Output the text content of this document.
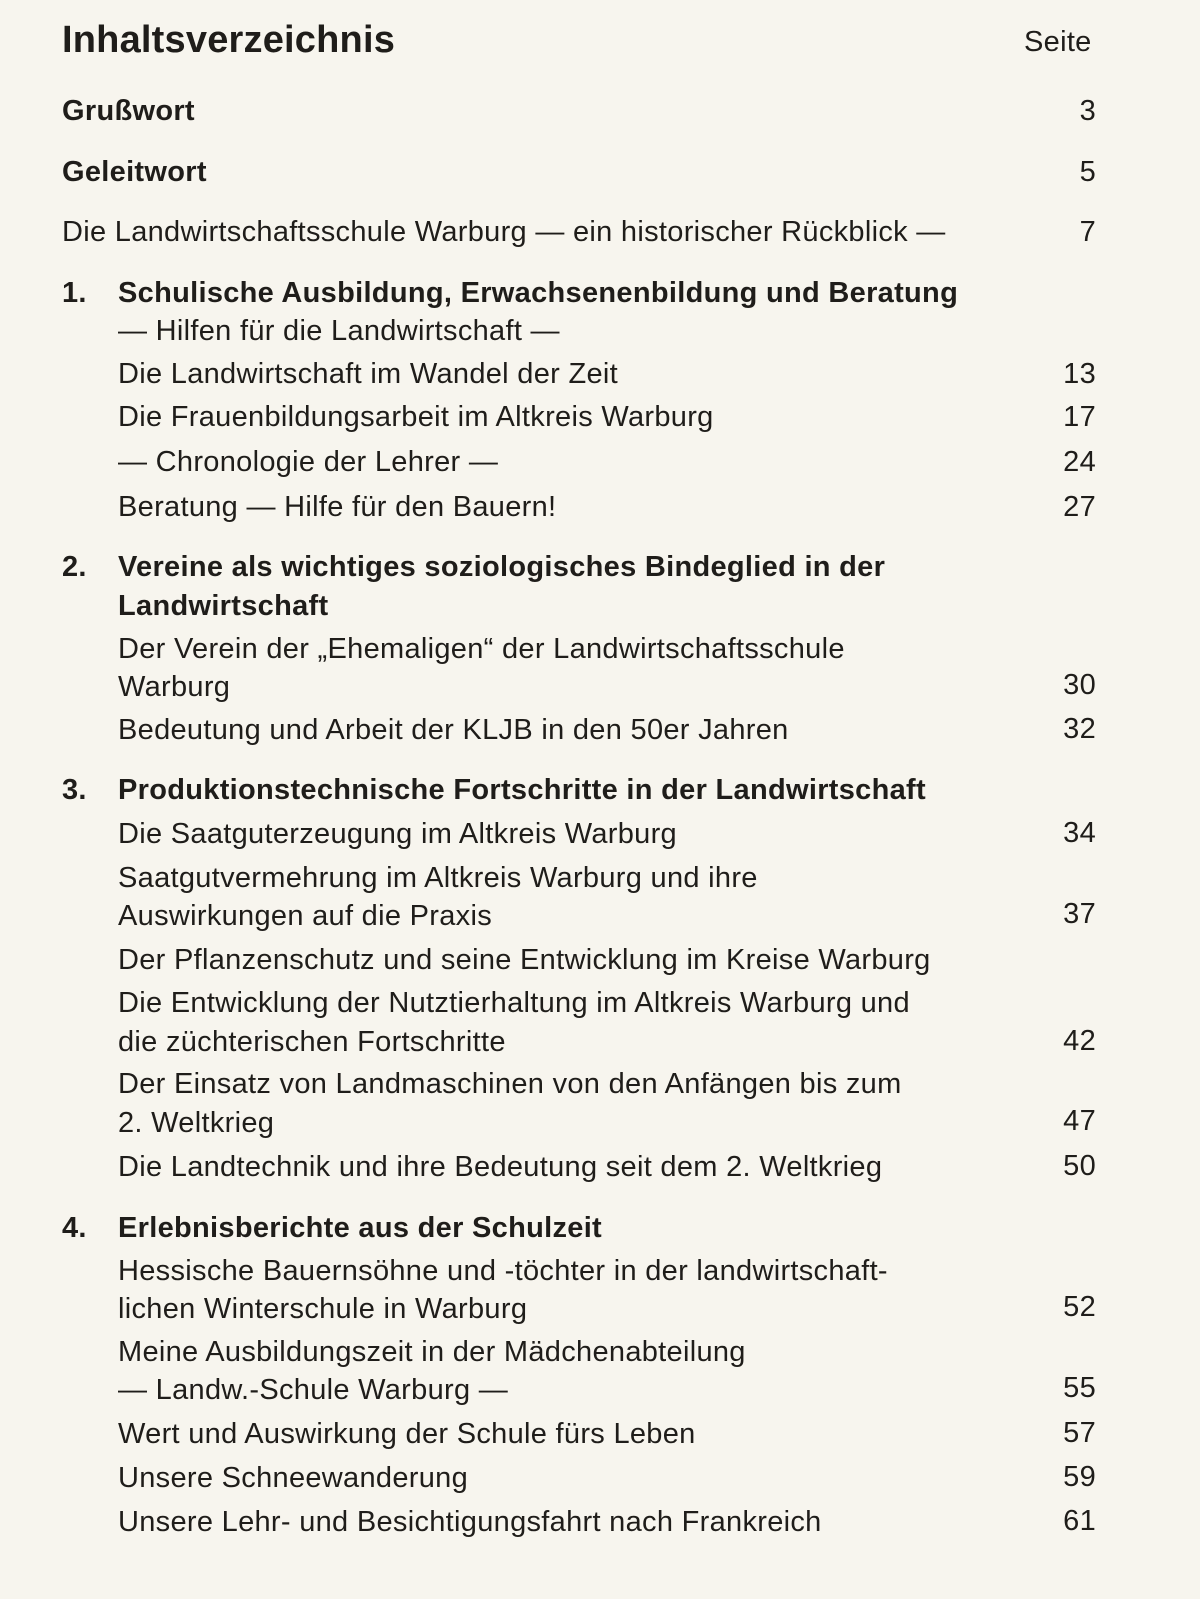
Inhaltsverzeichnis	Seite
Grußwort	3
Geleitwort	5
Die Landwirtschaftsschule Warburg — ein historischer Rückblick —	7
1. Schulische Ausbildung, Erwachsenenbildung und Beratung
— Hilfen für die Landwirtschaft —
Die Landwirtschaft im Wandel der Zeit	13
Die Frauenbildungsarbeit im Altkreis Warburg	17
— Chronologie der Lehrer —	24
Beratung — Hilfe für den Bauern!	27
2. Vereine als wichtiges soziologisches Bindeglied in der
Landwirtschaft
Der Verein der „Ehemaligen“ der Landwirtschaftsschule
Warburg	30
Bedeutung und Arbeit der KLJB in den 50er Jahren	32
3. Produktionstechnische Fortschritte in der Landwirtschaft
Die Saatguterzeugung im Altkreis Warburg	34
Saatgutvermehrung im Altkreis Warburg und ihre
Auswirkungen auf die Praxis	37
Der Pflanzenschutz und seine Entwicklung im Kreise Warburg
Die Entwicklung der Nutztierhaltung im Altkreis Warburg und
die züchterischen Fortschritte	42
Der Einsatz von Landmaschinen von den Anfängen bis zum
2. Weltkrieg	47
Die Landtechnik und ihre Bedeutung seit dem 2. Weltkrieg	50
4. Erlebnisberichte aus der Schulzeit
Hessische Bauernsöhne und -töchter in der landwirtschaft-
lichen Winterschule in Warburg	52
Meine Ausbildungszeit in der Mädchenabteilung
— Landw.-Schule Warburg —	55
Wert und Auswirkung der Schule fürs Leben	57
Unsere Schneewanderung	59
Unsere Lehr- und Besichtigungsfahrt nach Frankreich	61
